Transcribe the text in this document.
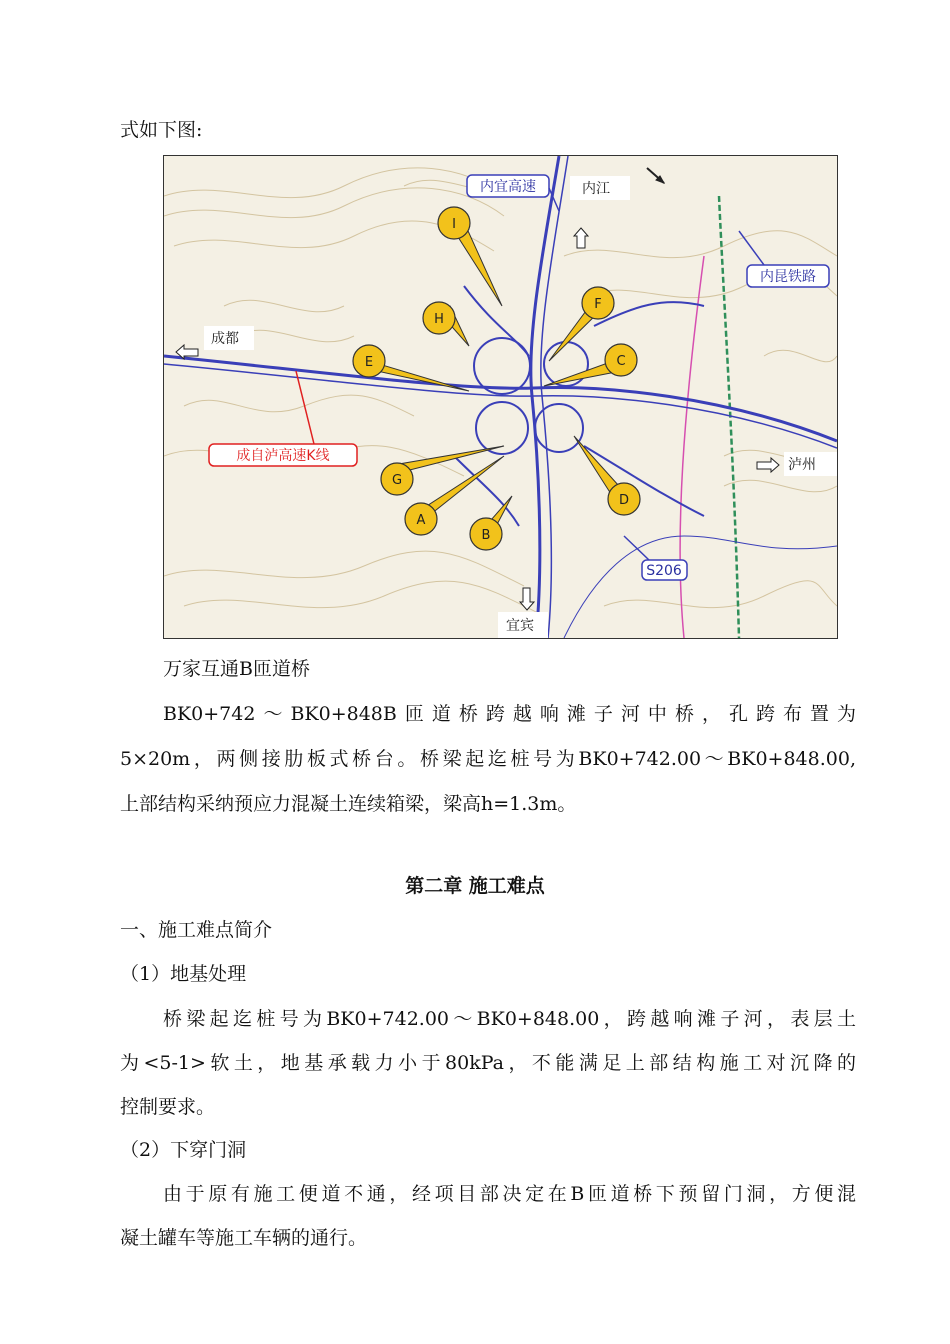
式如下图:
I
H
F
E	C
G
D
A
B
内宜高速
内昆铁路
成自泸高速K线
S206
内江
成都
泸州
宜宾
万家互通B匝道桥
BK0+742～BK0+848B匝道桥跨越响滩子河中桥，孔跨布置为
5×20m，两侧接肋板式桥台。桥梁起迄桩号为BK0+742.00～BK0+848.00,
上部结构采纳预应力混凝土连续箱梁，梁高h=1.3m。
第二章 施工难点
一、施工难点简介
（1）地基处理
桥梁起迄桩号为BK0+742.00～BK0+848.00，跨越响滩子河，表层土
为<5-1>软土，地基承载力小于80kPa，不能满足上部结构施工对沉降的
控制要求。
（2）下穿门洞
由于原有施工便道不通，经项目部决定在B匝道桥下预留门洞，方便混
凝土罐车等施工车辆的通行。
